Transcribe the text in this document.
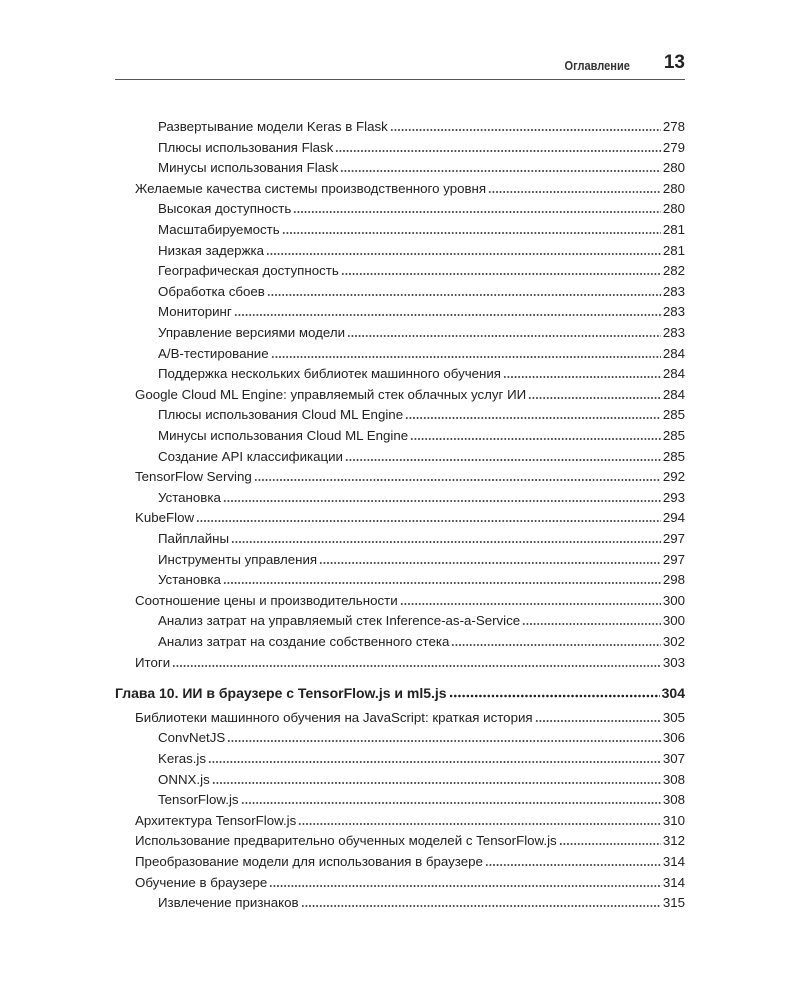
Оглавление 13
Развертывание модели Keras в Flask	278
Плюсы использования Flask	279
Минусы использования Flask	280
Желаемые качества системы производственного уровня	280
Высокая доступность	280
Масштабируемость	281
Низкая задержка	281
Географическая доступность	282
Обработка сбоев	283
Мониторинг	283
Управление версиями модели	283
A/B-тестирование	284
Поддержка нескольких библиотек машинного обучения	284
Google Cloud ML Engine: управляемый стек облачных услуг ИИ	284
Плюсы использования Cloud ML Engine	285
Минусы использования Cloud ML Engine	285
Создание API классификации	285
TensorFlow Serving	292
Установка	293
KubeFlow	294
Пайплайны	297
Инструменты управления	297
Установка	298
Соотношение цены и производительности	300
Анализ затрат на управляемый стек Inference-as-a-Service	300
Анализ затрат на создание собственного стека	302
Итоги	303
Глава 10. ИИ в браузере с TensorFlow.js и ml5.js	304
Библиотеки машинного обучения на JavaScript: краткая история	305
ConvNetJS	306
Keras.js	307
ONNX.js	308
TensorFlow.js	308
Архитектура TensorFlow.js	310
Использование предварительно обученных моделей с TensorFlow.js	312
Преобразование модели для использования в браузере	314
Обучение в браузере	314
Извлечение признаков	315
